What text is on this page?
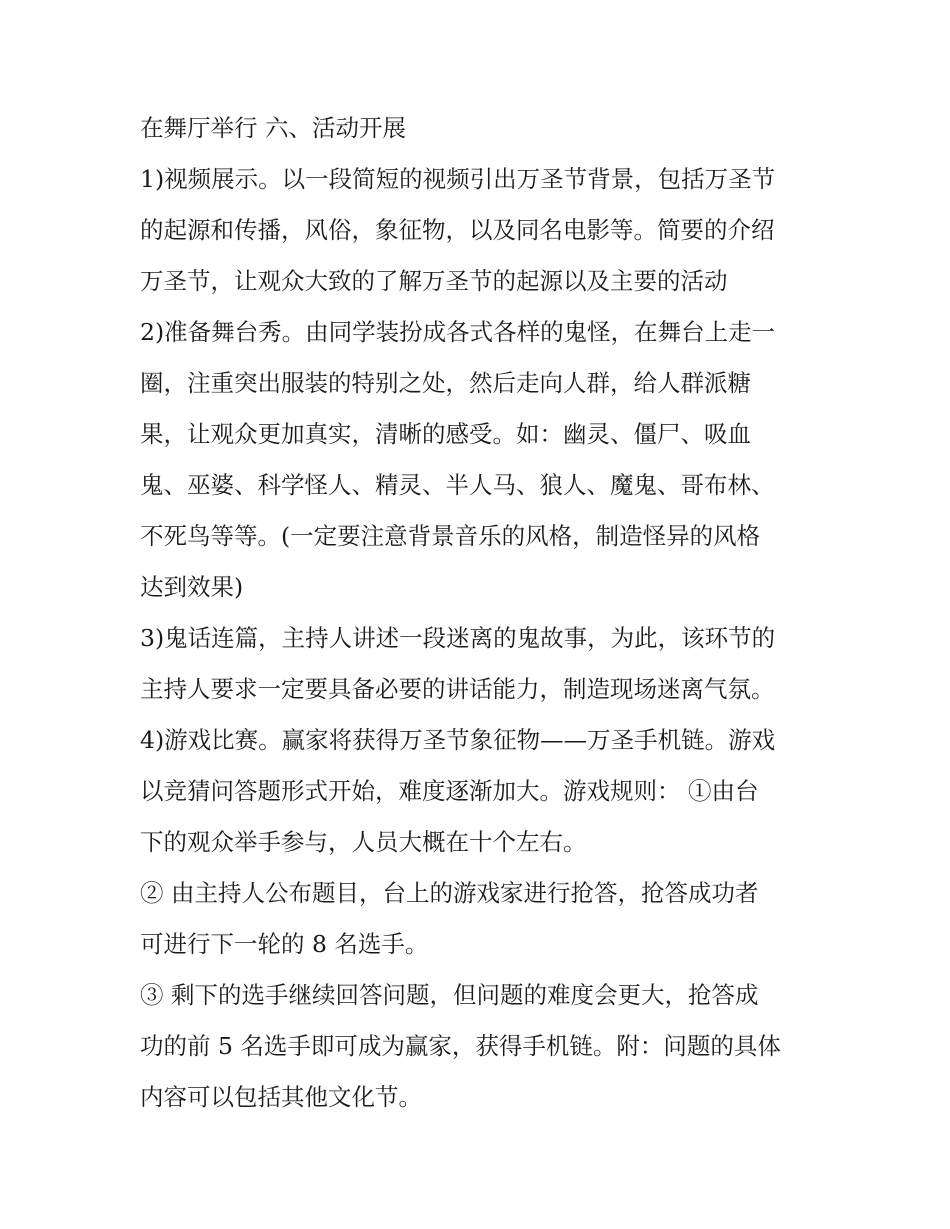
在舞厅举行 六、活动开展
1)视频展示。以一段简短的视频引出万圣节背景，包括万圣节
的起源和传播，风俗，象征物，以及同名电影等。简要的介绍
万圣节，让观众大致的了解万圣节的起源以及主要的活动
2)准备舞台秀。由同学装扮成各式各样的鬼怪，在舞台上走一
圈，注重突出服装的特别之处，然后走向人群，给人群派糖
果，让观众更加真实，清晰的感受。如：幽灵、僵尸、吸血
鬼、巫婆、科学怪人、精灵、半人马、狼人、魔鬼、哥布林、
不死鸟等等。(一定要注意背景音乐的风格，制造怪异的风格
达到效果)
3)鬼话连篇，主持人讲述一段迷离的鬼故事，为此，该环节的
主持人要求一定要具备必要的讲话能力，制造现场迷离气氛。
4)游戏比赛。赢家将获得万圣节象征物——万圣手机链。游戏
以竞猜问答题形式开始，难度逐渐加大。游戏规则： ①由台
下的观众举手参与，人员大概在十个左右。
② 由主持人公布题目，台上的游戏家进行抢答，抢答成功者
可进行下一轮的 8 名选手。
③ 剩下的选手继续回答问题，但问题的难度会更大，抢答成
功的前 5 名选手即可成为赢家，获得手机链。附：问题的具体
内容可以包括其他文化节。
